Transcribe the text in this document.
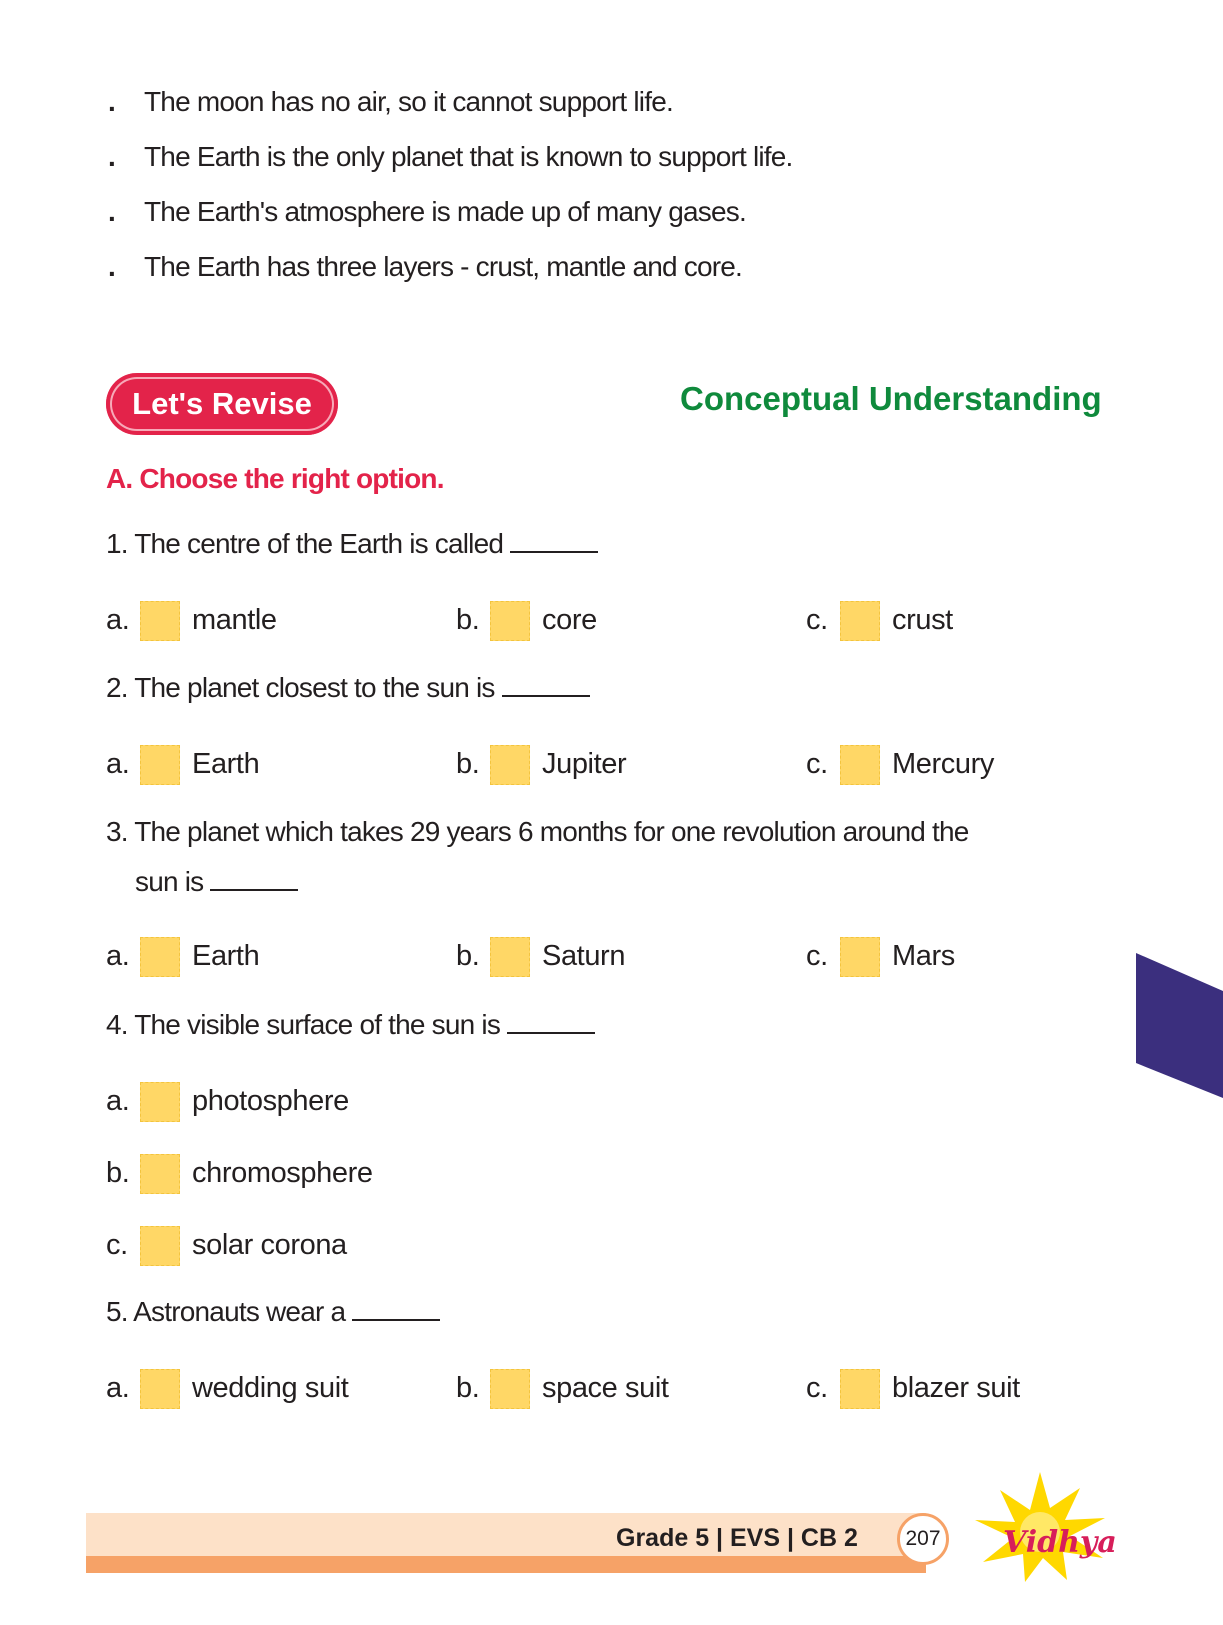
. The moon has no air, so it cannot support life.
. The Earth is the only planet that is known to support life.
. The Earth's atmosphere is made up of many gases.
. The Earth has three layers - crust, mantle and core.
Let's Revise	Conceptual Understanding
A. Choose the right option.
1. The centre of the Earth is called
a. mantle	b. core	c. crust
2. The planet closest to the sun is
a. Earth	b. Jupiter	c. Mercury
3. The planet which takes 29 years 6 months for one revolution around the
sun is
a. Earth	b. Saturn	c. Mars
4. The visible surface of the sun is
a. photosphere
b. chromosphere
c. solar corona
5. Astronauts wear a
a. wedding suit	b. space suit	c. blazer suit
Grade 5 | EVS | CB 2	207 Vidhya
